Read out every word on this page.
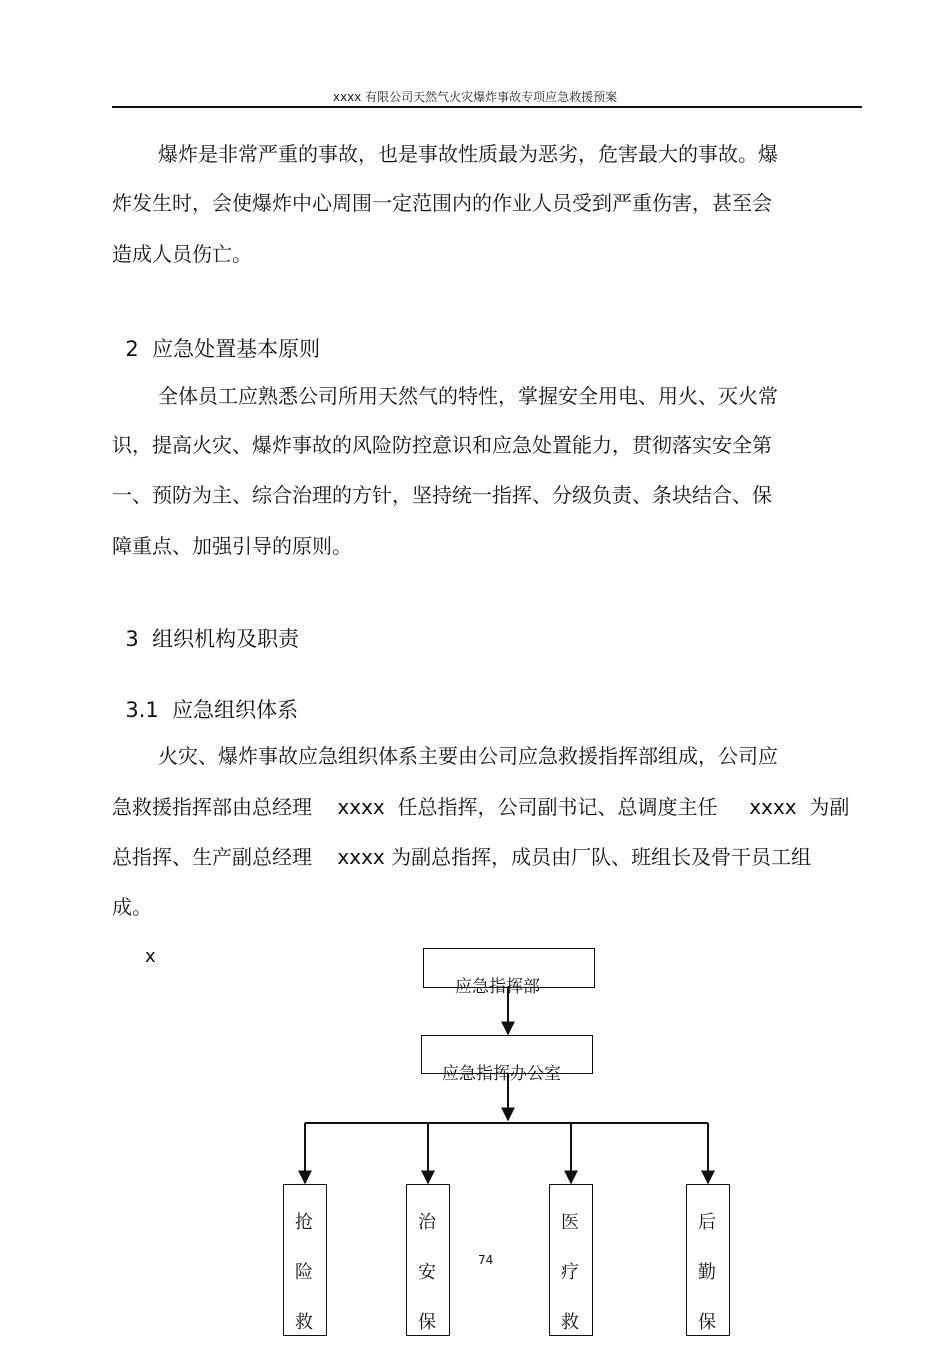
xxxx 有限公司天然气火灾爆炸事故专项应急救援预案
爆炸是非常严重的事故，也是事故性质最为恶劣，危害最大的事故。爆
炸发生时，会使爆炸中心周围一定范围内的作业人员受到严重伤害，甚至会
造成人员伤亡。

2 应急处置基本原则

全体员工应熟悉公司所用天然气的特性，掌握安全用电、用火、灭火常
识，提高火灾、爆炸事故的风险防控意识和应急处置能力，贯彻落实安全第
一、预防为主、综合治理的方针，坚持统一指挥、分级负责、条块结合、保
障重点、加强引导的原则。

3 组织机构及职责

3.1 应急组织体系

火灾、爆炸事故应急组织体系主要由公司应急救援指挥部组成，公司应
急救援指挥部由总经理    xxxx  任总指挥，公司副书记、总调度主任     xxxx  为副
总指挥、生产副总经理    xxxx 为副总指挥，成员由厂队、班组长及骨干员工组
成。
x
应急指挥部
应急指挥办公室
抢
险
救
治
安
保
医
疗
救
后
勤
保
74
